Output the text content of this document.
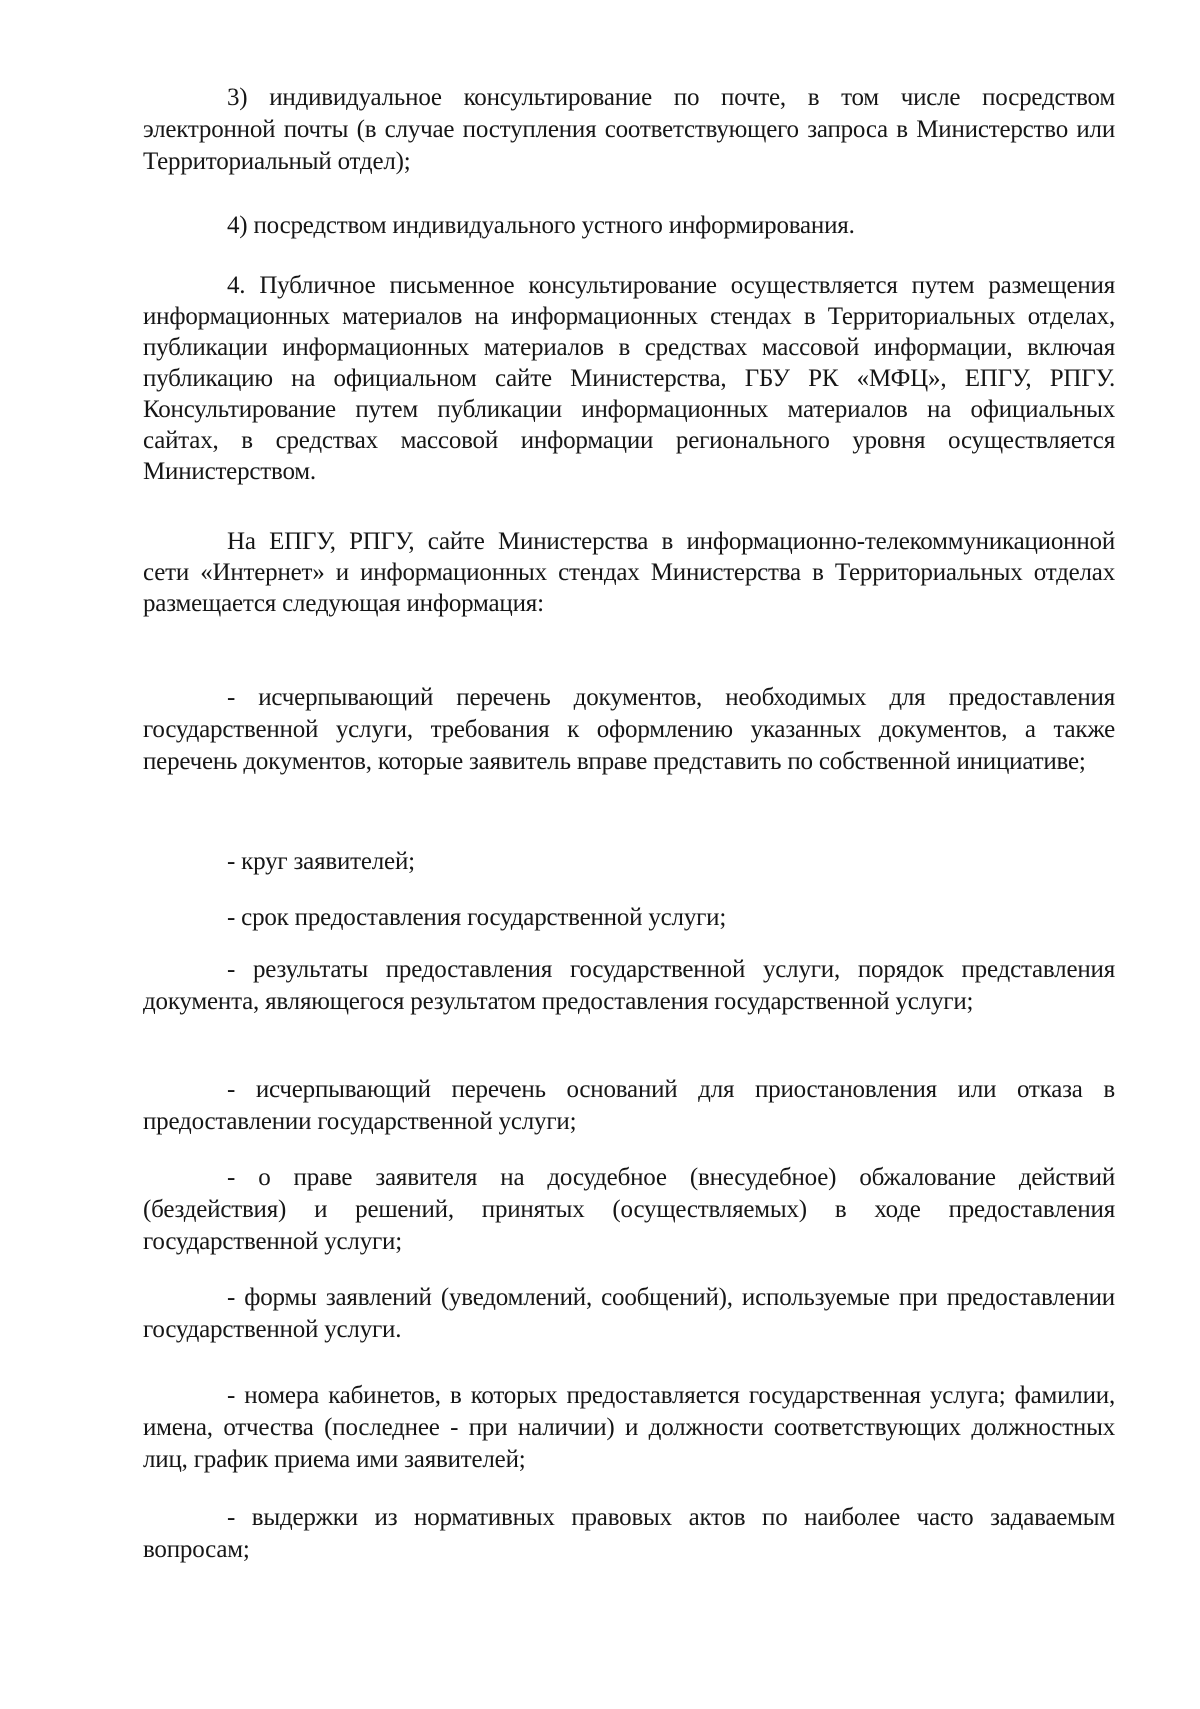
3) индивидуальное консультирование по почте, в том числе посредством электронной почты (в случае поступления соответствующего запроса в Министерство или Территориальный отдел);

4) посредством индивидуального устного информирования.

4. Публичное письменное консультирование осуществляется путем размещения информационных материалов на информационных стендах в Территориальных отделах, публикации информационных материалов в средствах массовой информации, включая публикацию на официальном сайте Министерства, ГБУ РК «МФЦ», ЕПГУ, РПГУ. Консультирование путем публикации информационных материалов на официальных сайтах, в средствах массовой информации регионального уровня осуществляется Министерством.

На ЕПГУ, РПГУ, сайте Министерства в информационно-телекоммуникационной сети «Интернет» и информационных стендах Министерства в Территориальных отделах размещается следующая информация:

- исчерпывающий перечень документов, необходимых для предоставления государственной услуги, требования к оформлению указанных документов, а также перечень документов, которые заявитель вправе представить по собственной инициативе;

- круг заявителей;

- срок предоставления государственной услуги;

- результаты предоставления государственной услуги, порядок представления документа, являющегося результатом предоставления государственной услуги;

- исчерпывающий перечень оснований для приостановления или отказа в предоставлении государственной услуги;

- о праве заявителя на досудебное (внесудебное) обжалование действий (бездействия) и решений, принятых (осуществляемых) в ходе предоставления государственной услуги;

- формы заявлений (уведомлений, сообщений), используемые при предоставлении государственной услуги.

- номера кабинетов, в которых предоставляется государственная услуга; фамилии, имена, отчества (последнее - при наличии) и должности соответствующих должностных лиц, график приема ими заявителей;

- выдержки из нормативных правовых актов по наиболее часто задаваемым вопросам;
